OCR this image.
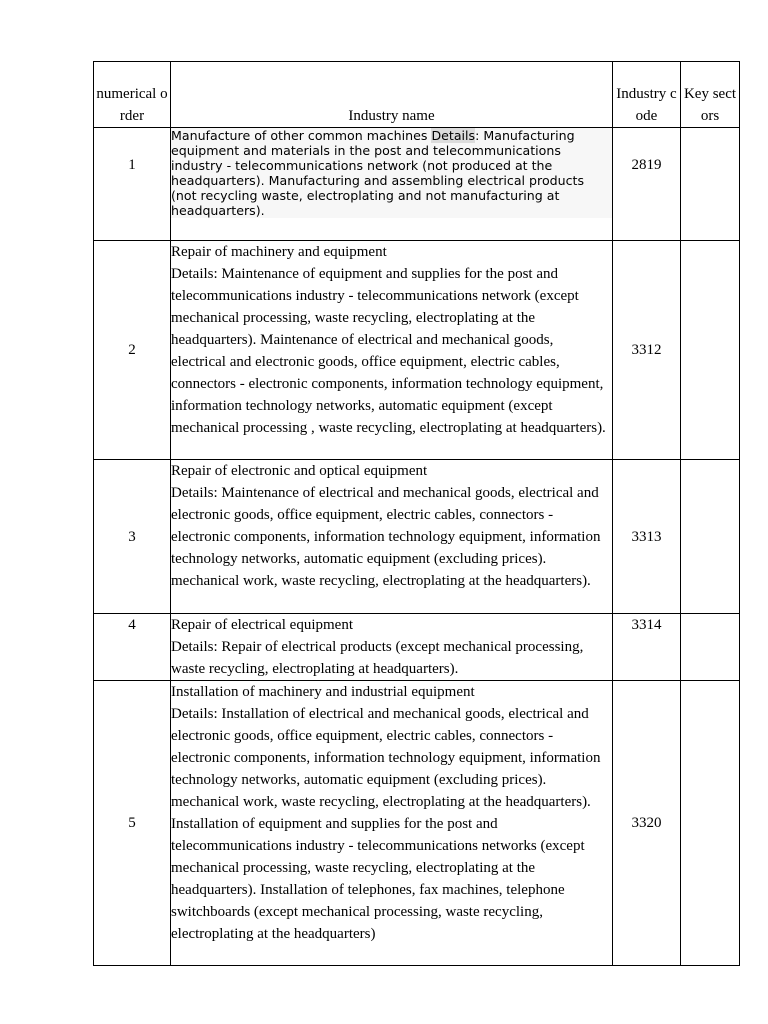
numerical order	Industry name	Industry code	Key sectors
1	Manufacture of other common machines Details: Manufacturing equipment and materials in the post and telecommunications industry - telecommunications network (not produced at the headquarters). Manufacturing and assembling electrical products (not recycling waste, electroplating and not manufacturing at headquarters).	2819	
2	Repair of machinery and equipment
Details: Maintenance of equipment and supplies for the post and telecommunications industry - telecommunications network (except mechanical processing, waste recycling, electroplating at the headquarters). Maintenance of electrical and mechanical goods, electrical and electronic goods, office equipment, electric cables, connectors - electronic components, information technology equipment, information technology networks, automatic equipment (except mechanical processing , waste recycling, electroplating at headquarters).	3312	
3	Repair of electronic and optical equipment
Details: Maintenance of electrical and mechanical goods, electrical and electronic goods, office equipment, electric cables, connectors - electronic components, information technology equipment, information technology networks, automatic equipment (excluding prices). mechanical work, waste recycling, electroplating at the headquarters).	3313	
4	Repair of electrical equipment
Details: Repair of electrical products (except mechanical processing, waste recycling, electroplating at headquarters).	3314	
5	Installation of machinery and industrial equipment
Details: Installation of electrical and mechanical goods, electrical and electronic goods, office equipment, electric cables, connectors - electronic components, information technology equipment, information technology networks, automatic equipment (excluding prices). mechanical work, waste recycling, electroplating at the headquarters). Installation of equipment and supplies for the post and telecommunications industry - telecommunications networks (except mechanical processing, waste recycling, electroplating at the headquarters). Installation of telephones, fax machines, telephone switchboards (except mechanical processing, waste recycling, electroplating at the headquarters)	3320	
